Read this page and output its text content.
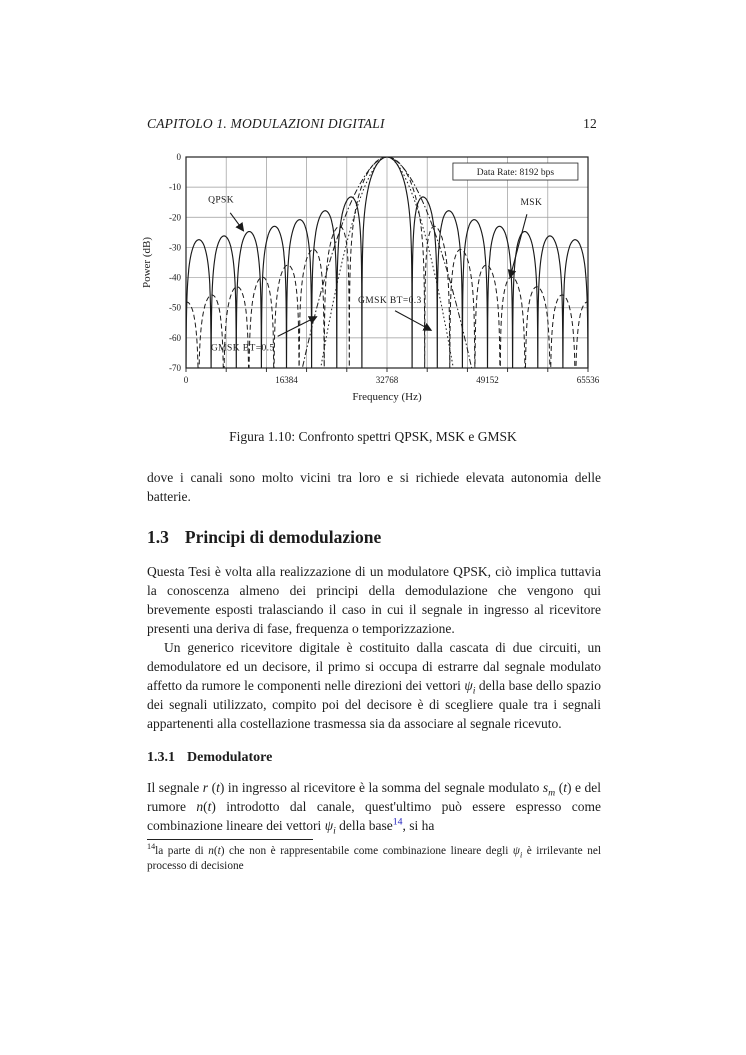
CAPITOLO 1. MODULAZIONI DIGITALI	12
0
-10
-20
-30
-40
-50
-60
-70
0	16384	32768	49152	65536
Frequency (Hz)
Power (dB)
Data Rate: 8192 bps
QPSK	MSK
GMSK BT=0.3
GMSK BT=0.5
Figura 1.10: Confronto spettri QPSK, MSK e GMSK
dove i canali sono molto vicini tra loro e si richiede elevata autonomia delle batterie.
1.3 Principi di demodulazione
Questa Tesi è volta alla realizzazione di un modulatore QPSK, ciò implica tuttavia la conoscenza almeno dei principi della demodulazione che vengono qui brevemente esposti tralasciando il caso in cui il segnale in ingresso al ricevitore presenti una deriva di fase, frequenza o temporizzazione.
Un generico ricevitore digitale è costituito dalla cascata di due circuiti, un demodulatore ed un decisore, il primo si occupa di estrarre dal segnale modulato affetto da rumore le componenti nelle direzioni dei vettori $\psi_i$ della base dello spazio dei segnali utilizzato, compito poi del decisore è di scegliere quale tra i segnali appartenenti alla costellazione trasmessa sia da associare al segnale ricevuto.
1.3.1 Demodulatore
Il segnale r (t) in ingresso al ricevitore è la somma del segnale modulato $s_m$ (t) e del rumore n(t) introdotto dal canale, quest'ultimo può essere espresso come combinazione lineare dei vettori $\psi_i$ della base$^{14}$, si ha
$^{14}$la parte di n(t) che non è rappresentabile come combinazione lineare degli $\psi_i$ è irrilevante nel processo di decisione
